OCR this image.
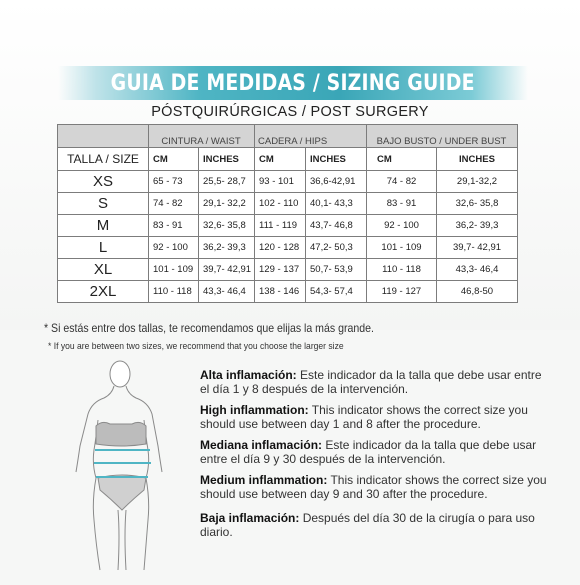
GUIA DE MEDIDAS / SIZING GUIDE
PÓSTQUIRÚRGICAS / POST SURGERY

	CINTURA / WAIST		CADERA / HIPS		BAJO BUSTO / UNDER BUST	
TALLA / SIZE	CM	INCHES	CM	INCHES	CM	INCHES
XS	65 - 73	25,5- 28,7	93 - 101	36,6-42,91	74 - 82	29,1-32,2
S	74 - 82	29,1- 32,2	102 - 110	40,1- 43,3	83 - 91	32,6- 35,8
M	83 - 91	32,6- 35,8	111 - 119	43,7- 46,8	92 - 100	36,2- 39,3
L	92 - 100	36,2- 39,3	120 - 128	47,2- 50,3	101 - 109	39,7- 42,91
XL	101 - 109	39,7- 42,91	129 - 137	50,7- 53,9	110 - 118	43,3- 46,4
2XL	110 - 118	43,3- 46,4	138 - 146	54,3- 57,4	119 - 127	46,8-50
* Si estás entre dos tallas, te recomendamos que elijas la más grande.
* If you are between two sizes, we recommend that you choose the larger size

Alta inflamación: Este indicador da la talla que debe usar entre el día 1 y 8 después de la intervención.

High inflammation: This indicator shows the correct size you should use between day 1 and 8 after the procedure.

Mediana inflamación: Este indicador da la talla que debe usar entre el día 9 y 30 después de la intervención.

Medium inflammation: This indicator shows the correct size you should use between day 9 and 30 after the procedure.

Baja inflamación: Después del día 30 de la cirugía o para uso diario.
